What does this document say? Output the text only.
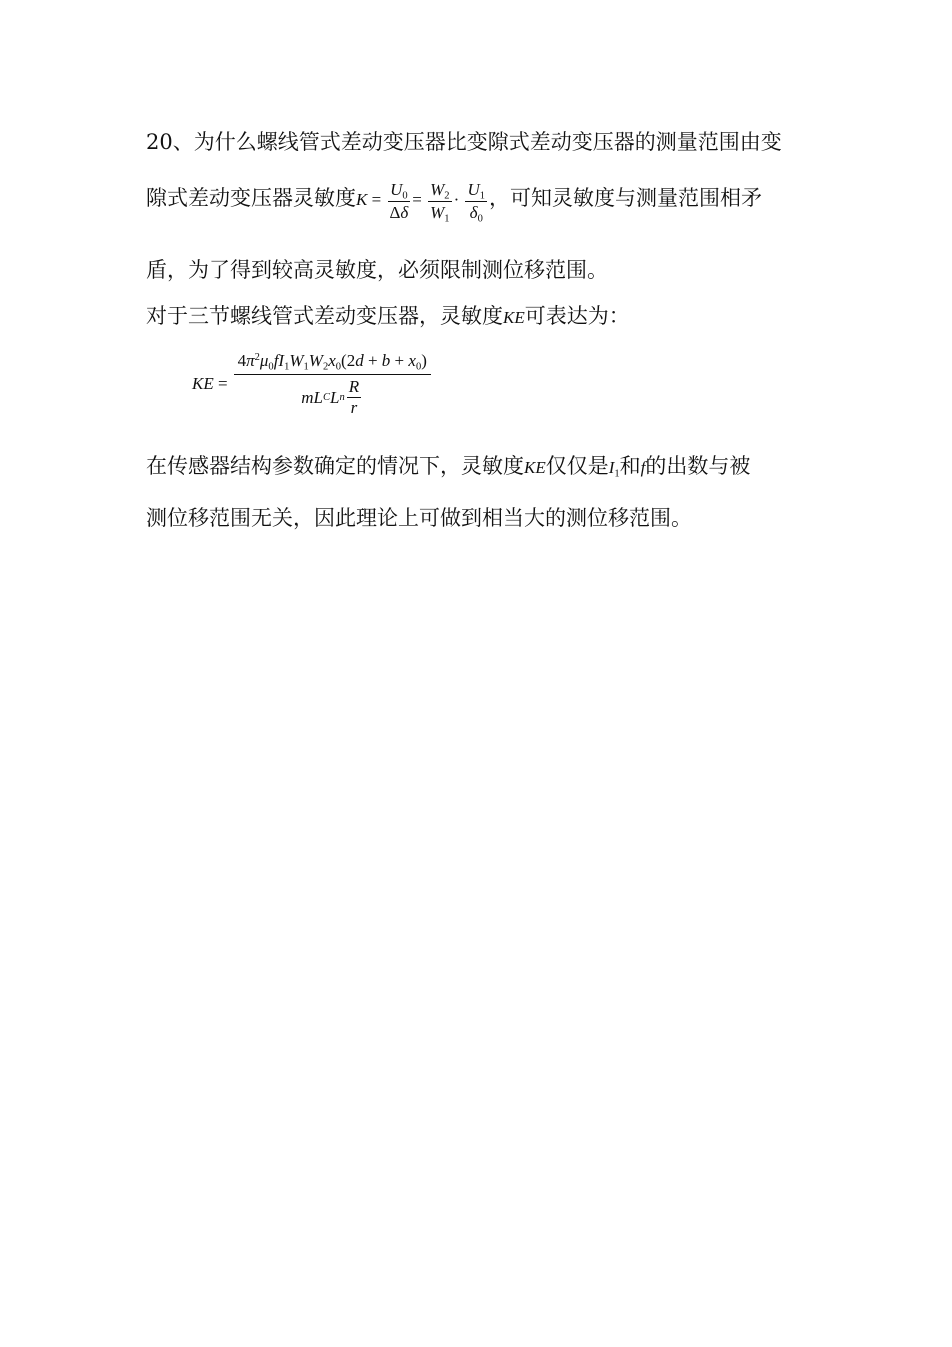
20、为什么螺线管式差动变压器比变隙式差动变压器的测量范围由变
隙式差动变压器灵敏度$K = \frac{U_0}{\Delta\delta} = \frac{W_2}{W_1} \cdot \frac{U_1}{\delta_0}$ ，可知灵敏度与测量范围相矛
盾，为了得到较高灵敏度，必须限制测位移范围。
对于三节螺线管式差动变压器，灵敏度KE可表达为：
KE =
$4\pi^2\mu_0fI_1W_1W_2x_0(2d + b + x_0)$
mL C L n $\frac{R}{r}$
在传感器结构参数确定的情况下，灵敏度KE仅仅是$I_1$和f的出数与被
测位移范围无关，因此理论上可做到相当大的测位移范围。
